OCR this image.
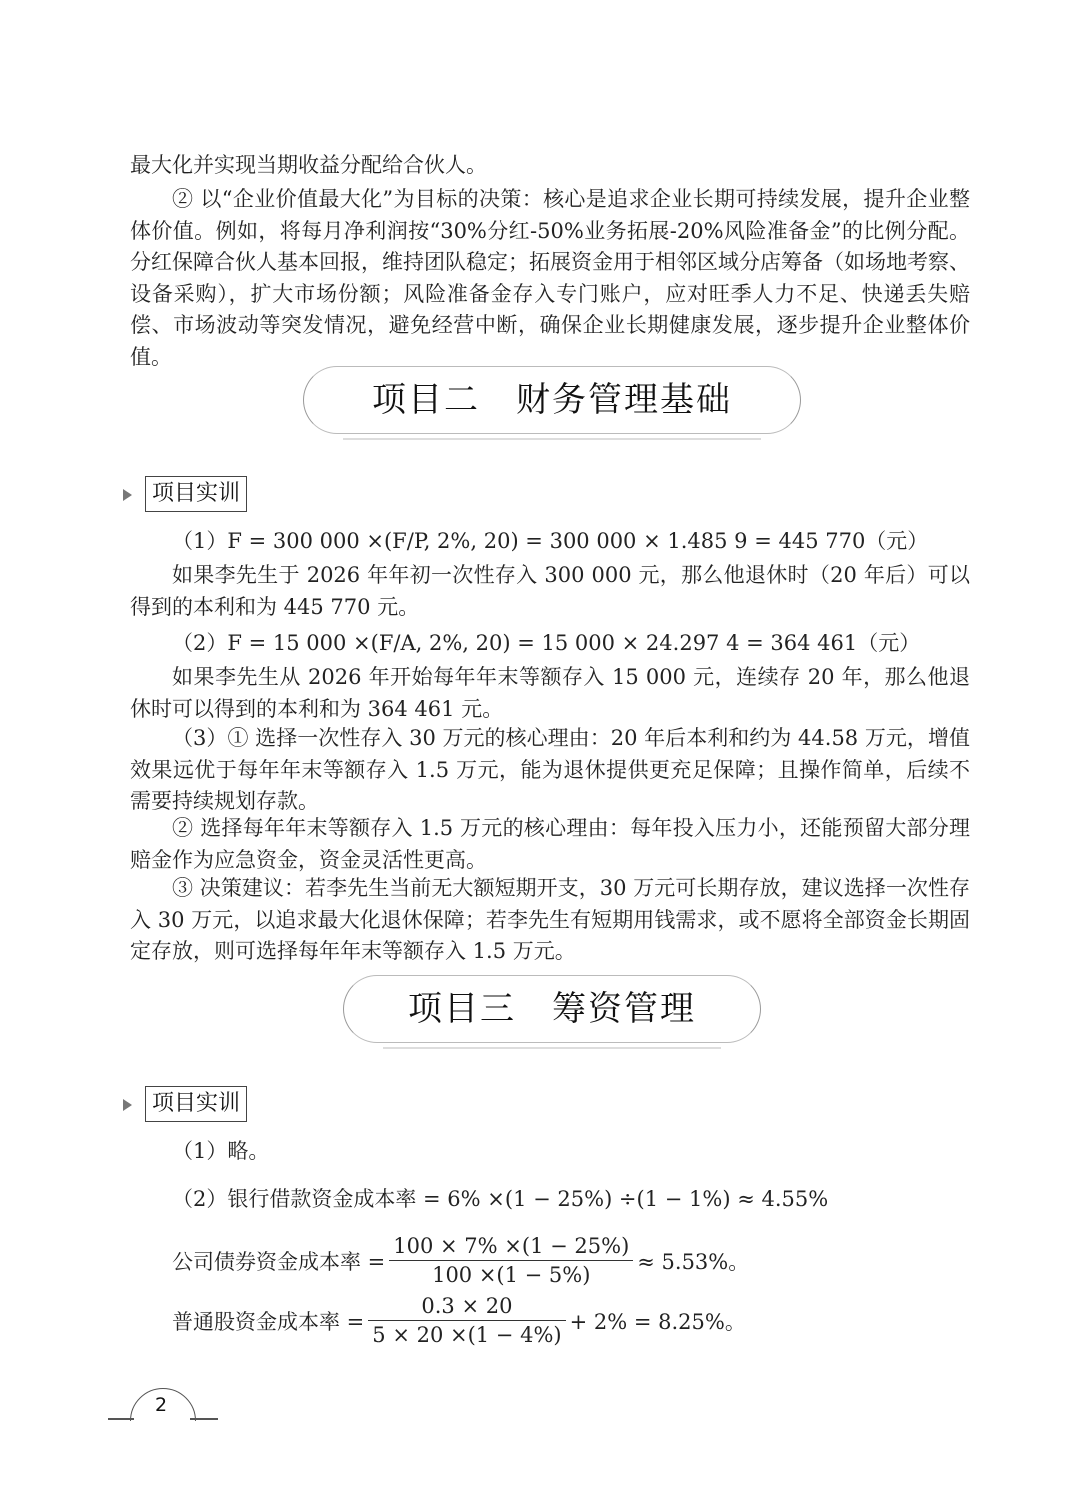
最大化并实现当期收益分配给合伙人。

② 以“企业价值最大化”为目标的决策：核心是追求企业长期可持续发展，提升企业整体价值。例如，将每月净利润按“30%分红-50%业务拓展-20%风险准备金”的比例分配。分红保障合伙人基本回报，维持团队稳定；拓展资金用于相邻区域分店筹备（如场地考察、设备采购），扩大市场份额；风险准备金存入专门账户，应对旺季人力不足、快递丢失赔偿、市场波动等突发情况，避免经营中断，确保企业长期健康发展，逐步提升企业整体价值。

项目二　财务管理基础
项目实训

（1）F = 300 000 ×(F/P, 2%, 20) = 300 000 × 1.485 9 = 445 770（元）

如果李先生于 2026 年年初一次性存入 300 000 元，那么他退休时（20 年后）可以得到的本利和为 445 770 元。

（2）F = 15 000 ×(F/A, 2%, 20) = 15 000 × 24.297 4 = 364 461（元）

如果李先生从 2026 年开始每年年末等额存入 15 000 元，连续存 20 年，那么他退休时可以得到的本利和为 364 461 元。

（3）① 选择一次性存入 30 万元的核心理由：20 年后本利和约为 44.58 万元，增值效果远优于每年年末等额存入 1.5 万元，能为退休提供更充足保障；且操作简单，后续不需要持续规划存款。

② 选择每年年末等额存入 1.5 万元的核心理由：每年投入压力小，还能预留大部分理赔金作为应急资金，资金灵活性更高。

③ 决策建议：若李先生当前无大额短期开支，30 万元可长期存放，建议选择一次性存入 30 万元，以追求最大化退休保障；若李先生有短期用钱需求，或不愿将全部资金长期固定存放，则可选择每年年末等额存入 1.5 万元。

项目三　筹资管理
项目实训

（1）略。

（2）银行借款资金成本率 = 6% ×(1 − 25%) ÷(1 − 1%) ≈ 4.55%

公司债券资金成本率 = $\frac{100 \times 7\% \times(1 - 25\%)}{100 \times(1 - 5\%)} \approx 5.53\%$。
普通股资金成本率 = $\frac{0.3 \times 20}{5 \times 20 \times(1 - 4\%)} + 2\% = 8.25\%$。
2
